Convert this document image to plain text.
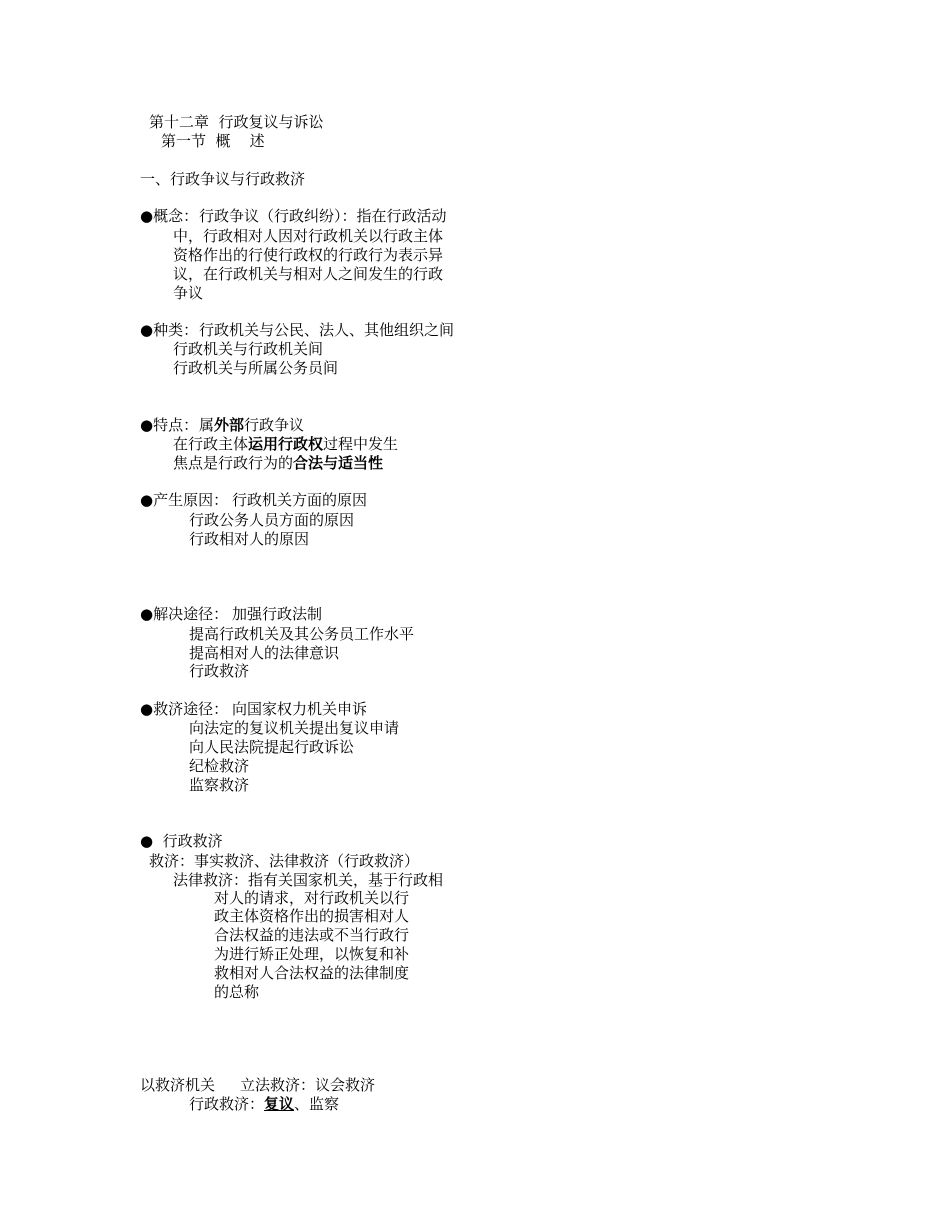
第十二章  行政复议与诉讼
第一节  概    述
一、行政争议与行政救济
●概念： 行政争议（行政纠纷）：指在行政活动
中，行政相对人因对行政机关以行政主体
资格作出的行使行政权的行政行为表示异
议，在行政机关与相对人之间发生的行政
争议
●种类： 行政机关与公民、法人、其他组织之间
行政机关与行政机关间
行政机关与所属公务员间
●特点： 属外部行政争议
在行政主体运用行政权过程中发生
焦点是行政行为的合法与适当性
●产生原因： 行政机关方面的原因
行政公务人员方面的原因
行政相对人的原因
●解决途径： 加强行政法制
提高行政机关及其公务员工作水平
提高相对人的法律意识
行政救济
●救济途径： 向国家权力机关申诉
向法定的复议机关提出复议申请
向人民法院提起行政诉讼
纪检救济
监察救济
●  行政救济
救济：事实救济、法律救济（行政救济）
法律救济：指有关国家机关，基于行政相
对人的请求，对行政机关以行
政主体资格作出的损害相对人
合法权益的违法或不当行政行
为进行矫正处理，以恢复和补
救相对人合法权益的法律制度
的总称
以救济机关 立法救济：议会救济
行政救济：复议、监察
